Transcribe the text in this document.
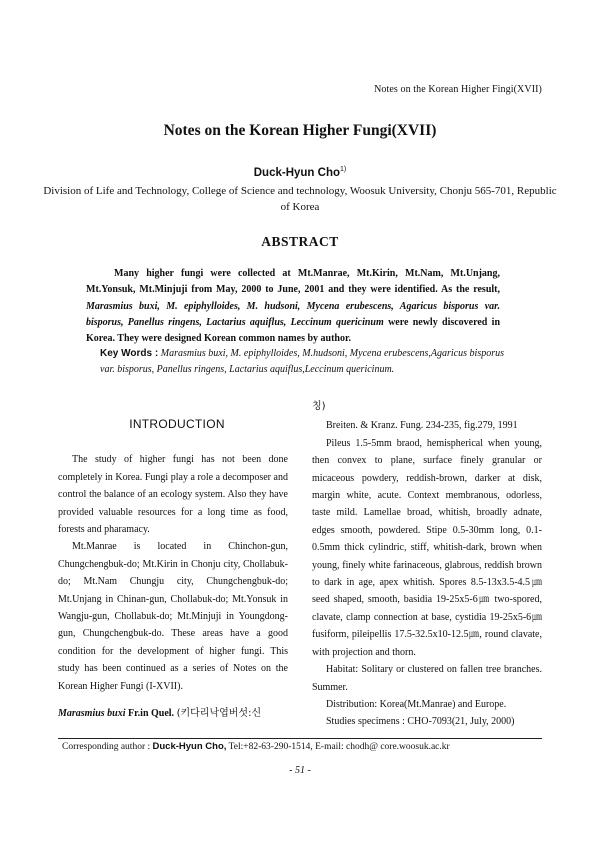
Notes on the Korean Higher Fingi(XVII)
Notes on the Korean Higher Fungi(XVII)
Duck-Hyun Cho$^{1)}$
Division of Life and Technology, College of Science and technology, Woosuk University, Chonju 565-701, Republic of Korea
ABSTRACT
Many higher fungi were collected at Mt.Manrae, Mt.Kirin, Mt.Nam, Mt.Unjang, Mt.Yonsuk, Mt.Minjuji from May, 2000 to June, 2001 and they were identified. As the result, Marasmius buxi, M. epiphylloides, M. hudsoni, Mycena erubescens, Agaricus bisporus var. bisporus, Panellus ringens, Lactarius aquiflus, Leccinum quericinum were newly discovered in Korea. They were designed Korean common names by author.
Key Words : Marasmius buxi, M. epiphylloides, M.hudsoni, Mycena erubescens,Agaricus bisporus var. bisporus, Panellus ringens, Lactarius aquiflus,Leccinum quericinum.
INTRODUCTION

The study of higher fungi has not been done completely in Korea. Fungi play a role a decomposer and control the balance of an ecology system. Also they have provided valuable resources for a long time as food, forests and pharamacy.

Mt.Manrae is located in Chinchon-gun, Chungchengbuk-do; Mt.Kirin in Chonju city, Chollabuk-do; Mt.Nam Chungju city, Chungchengbuk-do; Mt.Unjang in Chinan-gun, Chollabuk-do; Mt.Yonsuk in Wangju-gun, Chollabuk-do; Mt.Minjuji in Youngdong-gun, Chungchengbuk-do. These areas have a good condition for the development of higher fungi. This study has been continued as a series of Notes on the Korean Higher Fungi (I-XVII).

Marasmius buxi Fr.in Quel. (키다리낙엽버섯:신

칭)

Breiten. & Kranz. Fung. 234-235, fig.279, 1991

Pileus 1.5-5mm braod, hemispherical when young, then convex to plane, surface finely granular or micaceous powdery, reddish-brown, darker at disk, margin white, acute. Context membranous, odorless, taste mild. Lamellae broad, whitish, broadly adnate, edges smooth, powdered. Stipe 0.5-30mm long, 0.1-0.5mm thick cylindric, stiff, whitish-dark, brown when young, finely white farinaceous, glabrous, reddish brown to dark in age, apex whitish. Spores 8.5-13x3.5-4.5㎛ seed shaped, smooth, basidia 19-25x5-6㎛ two-spored, clavate, clamp connection at base, cystidia 19-25x5-6㎛ fusiform, pileipellis 17.5-32.5x10-12.5㎛, round clavate, with projection and thorn.

Habitat: Solitary or clustered on fallen tree branches. Summer.

Distribution: Korea(Mt.Manrae) and Europe.

Studies specimens : CHO-7093(21, July, 2000)

Corresponding author : Duck-Hyun Cho, Tel:+82-63-290-1514, E-mail: chodh@ core.woosuk.ac.kr
- 51 -
